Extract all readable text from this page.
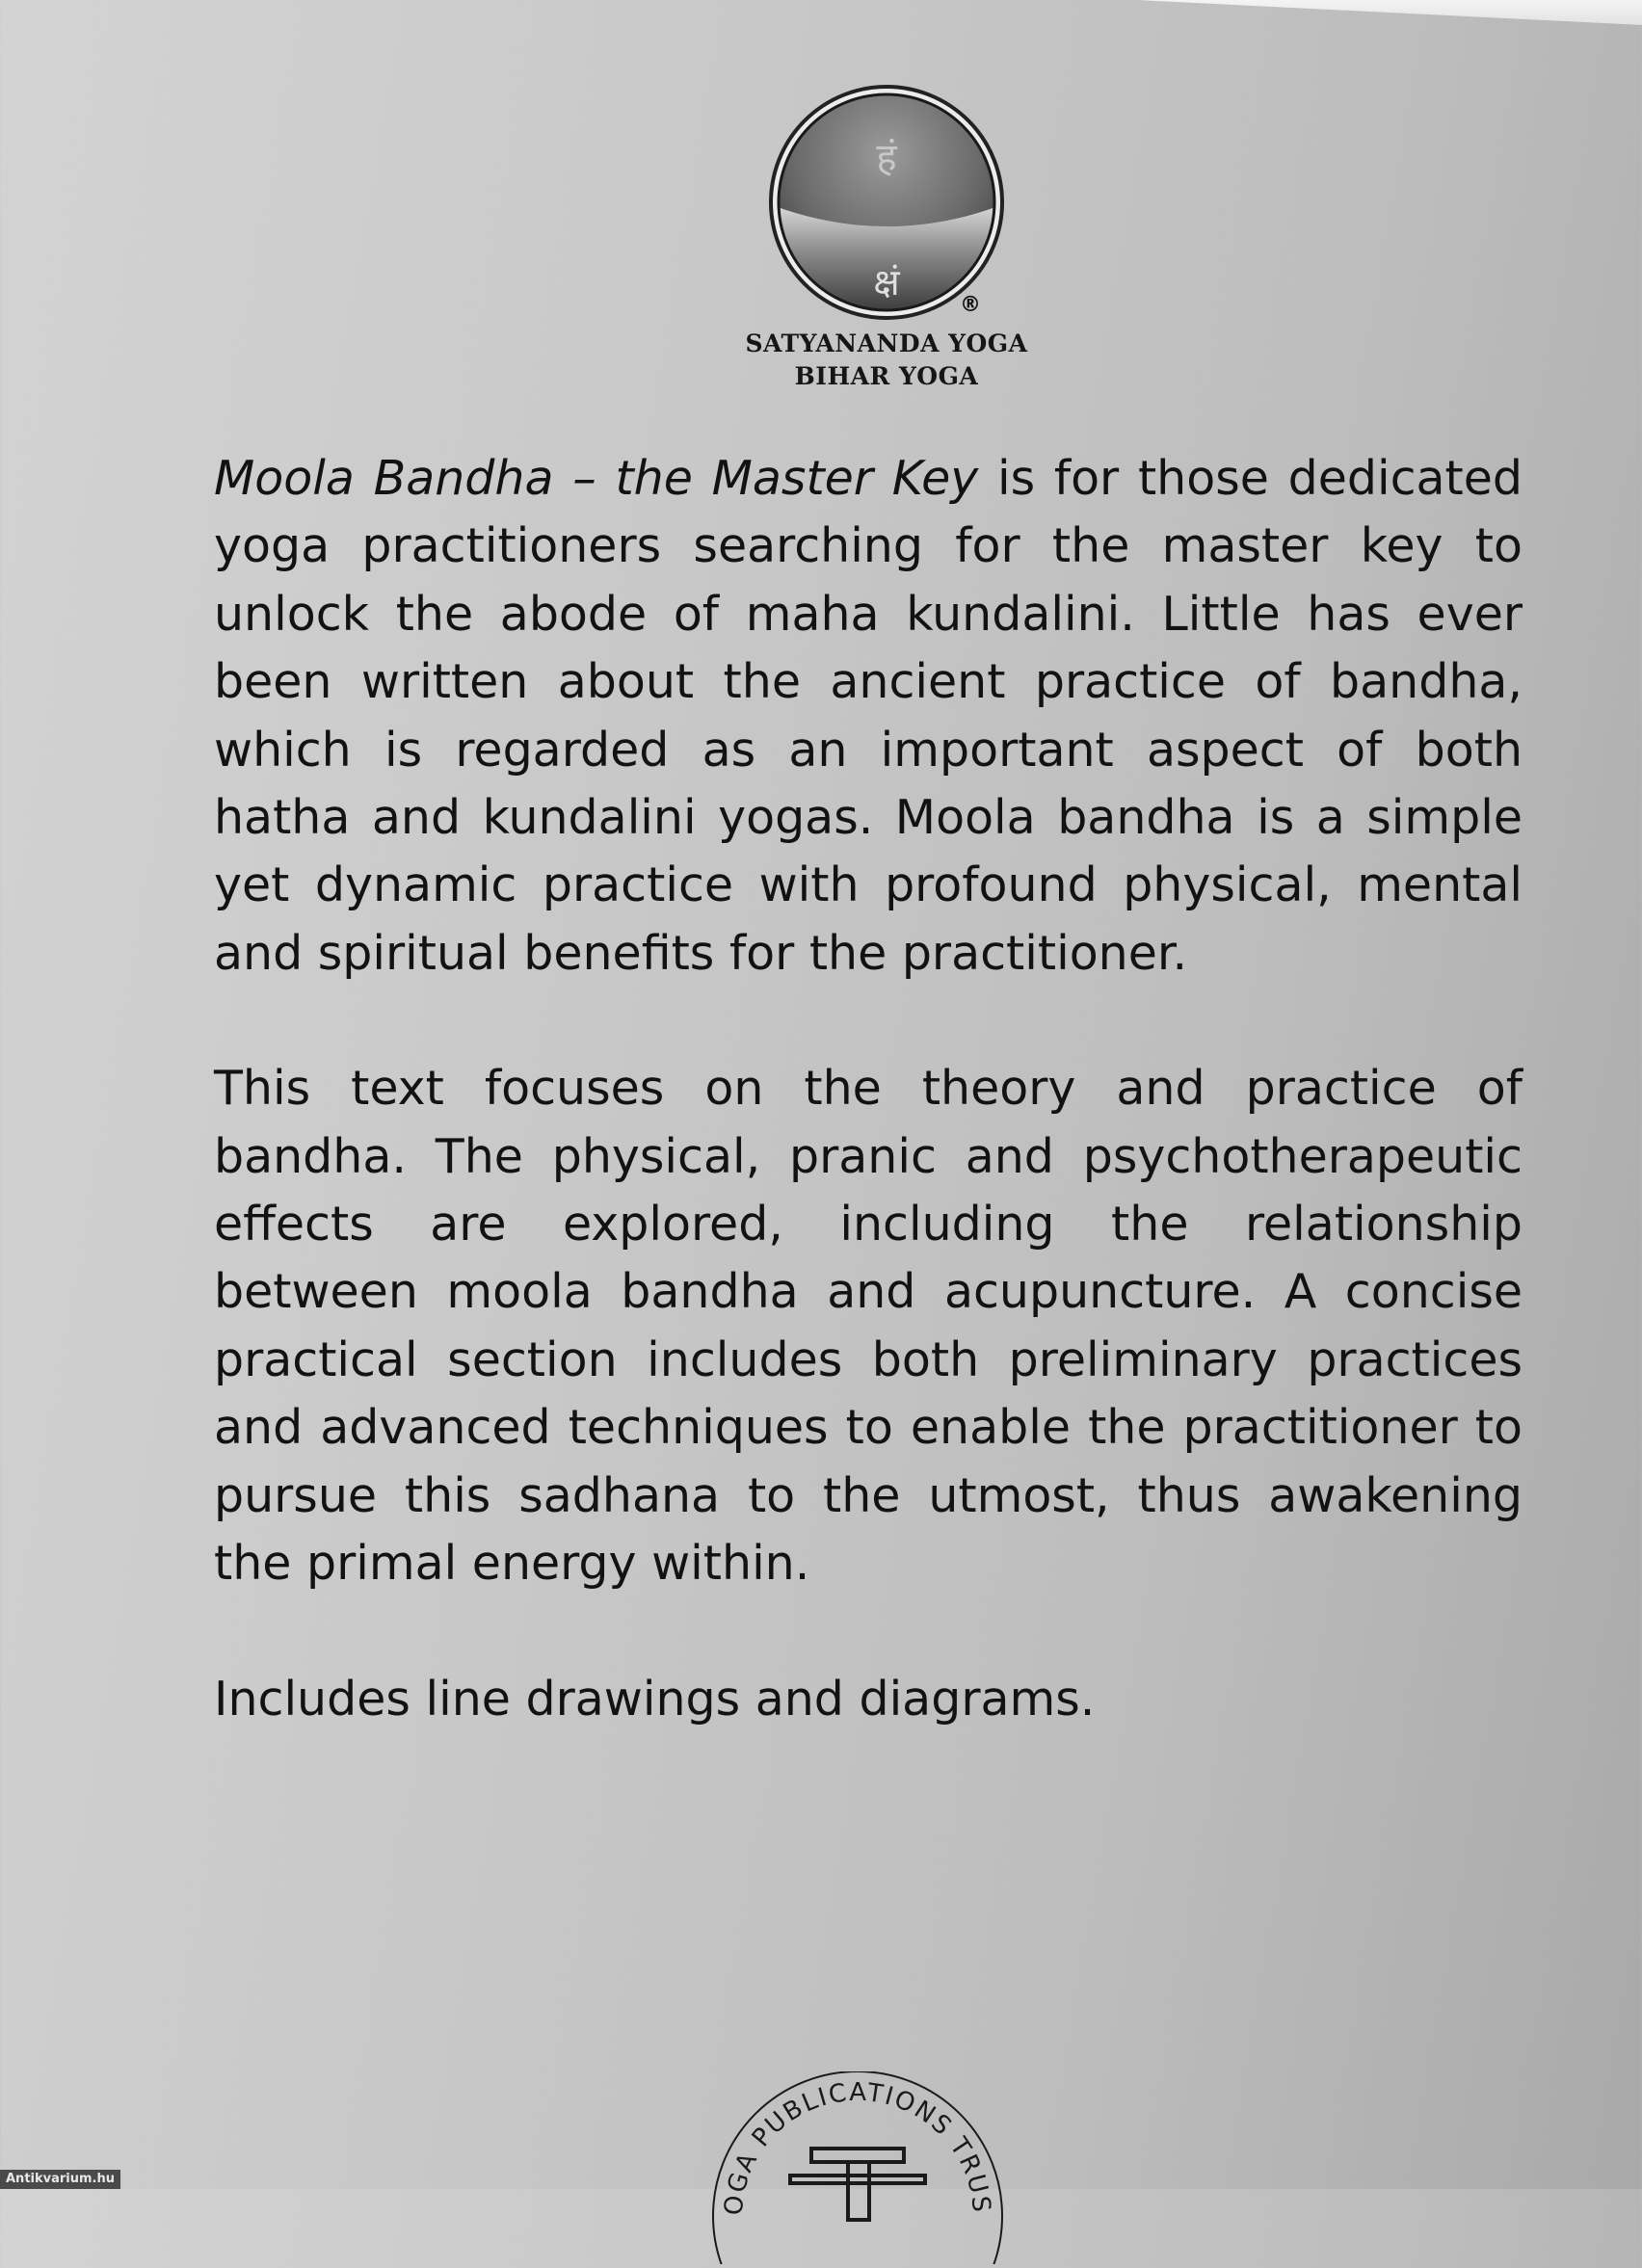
हं
क्षं
®
SATYANANDA YOGA
BIHAR YOGA

Moola Bandha – the Master Key is for those dedicated yoga practitioners searching for the master key to unlock the abode of maha kundalini. Little has ever been written about the ancient practice of bandha, which is regarded as an important aspect of both hatha and kundalini yogas. Moola bandha is a simple yet dynamic practice with profound physical, mental and spiritual benefits for the practitioner.

This text focuses on the theory and practice of bandha. The physical, pranic and psychotherapeutic effects are explored, including the relationship between moola bandha and acupuncture. A concise practical section includes both preliminary practices and advanced techniques to enable the practitioner to pursue this sadhana to the utmost, thus awakening the primal energy within.

Includes line drawings and diagrams.

OGA PUBLICATIONS TRUS
Antikvarium.hu
